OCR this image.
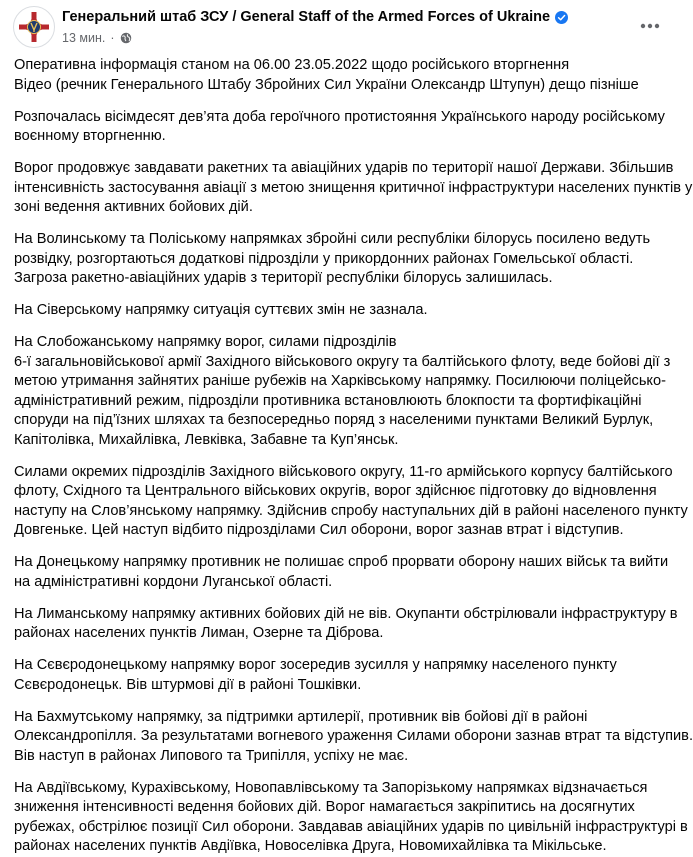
Генеральний штаб ЗСУ / General Staff of the Armed Forces of Ukraine
13 мин. ·
Оперативна інформація станом на 06.00 23.05.2022 щодо російського вторгнення
Відео (речник Генерального Штабу Збройних Сил України Олександр Штупун) дещо пізніше
Розпочалась вісімдесят дев’ята доба героїчного протистояння Українського народу російському
воєнному вторгненню.
Ворог продовжує завдавати ракетних та авіаційних ударів по території нашої Держави. Збільшив
інтенсивність застосування авіації з метою знищення критичної інфраструктури населених пунктів у
зоні ведення активних бойових дій.
На Волинському та Поліському напрямках збройні сили республіки білорусь посилено ведуть
розвідку, розгортаються додаткові підрозділи у прикордонних районах Гомельської області.
Загроза ракетно-авіаційних ударів з території республіки білорусь залишилась.
На Сіверському напрямку ситуація суттєвих змін не зазнала.
На Слобожанському напрямку ворог, силами підрозділів
6-ї загальновійськової армії Західного військового округу та балтійського флоту, веде бойові дії з
метою утримання зайнятих раніше рубежів на Харківському напрямку. Посилюючи поліцейсько-
адміністративний режим, підрозділи противника встановлюють блокпости та фортифікаційні
споруди на під’їзних шляхах та безпосередньо поряд з населеними пунктами Великий Бурлук,
Капітолівка, Михайлівка, Левківка, Забавне та Куп’янськ.
Силами окремих підрозділів Західного військового округу, 11-го армійського корпусу балтійського
флоту, Східного та Центрального військових округів, ворог здійснює підготовку до відновлення
наступу на Слов’янському напрямку. Здійснив спробу наступальних дій в районі населеного пункту
Довгеньке. Цей наступ відбито підрозділами Сил оборони, ворог зазнав втрат і відступив.
На Донецькому напрямку противник не полишає спроб прорвати оборону наших військ та вийти
на адміністративні кордони Луганської області.
На Лиманському напрямку активних бойових дій не вів. Окупанти обстрілювали інфраструктуру в
районах населених пунктів Лиман, Озерне та Діброва.
На Сєвєродонецькому напрямку ворог зосередив зусилля у напрямку населеного пункту
Сєвєродонецьк. Вів штурмові дії в районі Тошківки.
На Бахмутському напрямку, за підтримки артилерії, противник вів бойові дії в районі
Олександропілля. За результатами вогневого ураження Силами оборони зазнав втрат та відступив.
Вів наступ в районах Липового та Трипілля, успіху не має.
На Авдіївському, Курахівському, Новопавлівському та Запорізькому напрямках відзначається
зниження інтенсивності ведення бойових дій. Ворог намагається закріпитись на досягнутих
рубежах, обстрілює позиції Сил оборони. Завдавав авіаційних ударів по цивільній інфраструктурі в
районах населених пунктів Авдіївка, Новоселівка Друга, Новомихайлівка та Мікільське.
